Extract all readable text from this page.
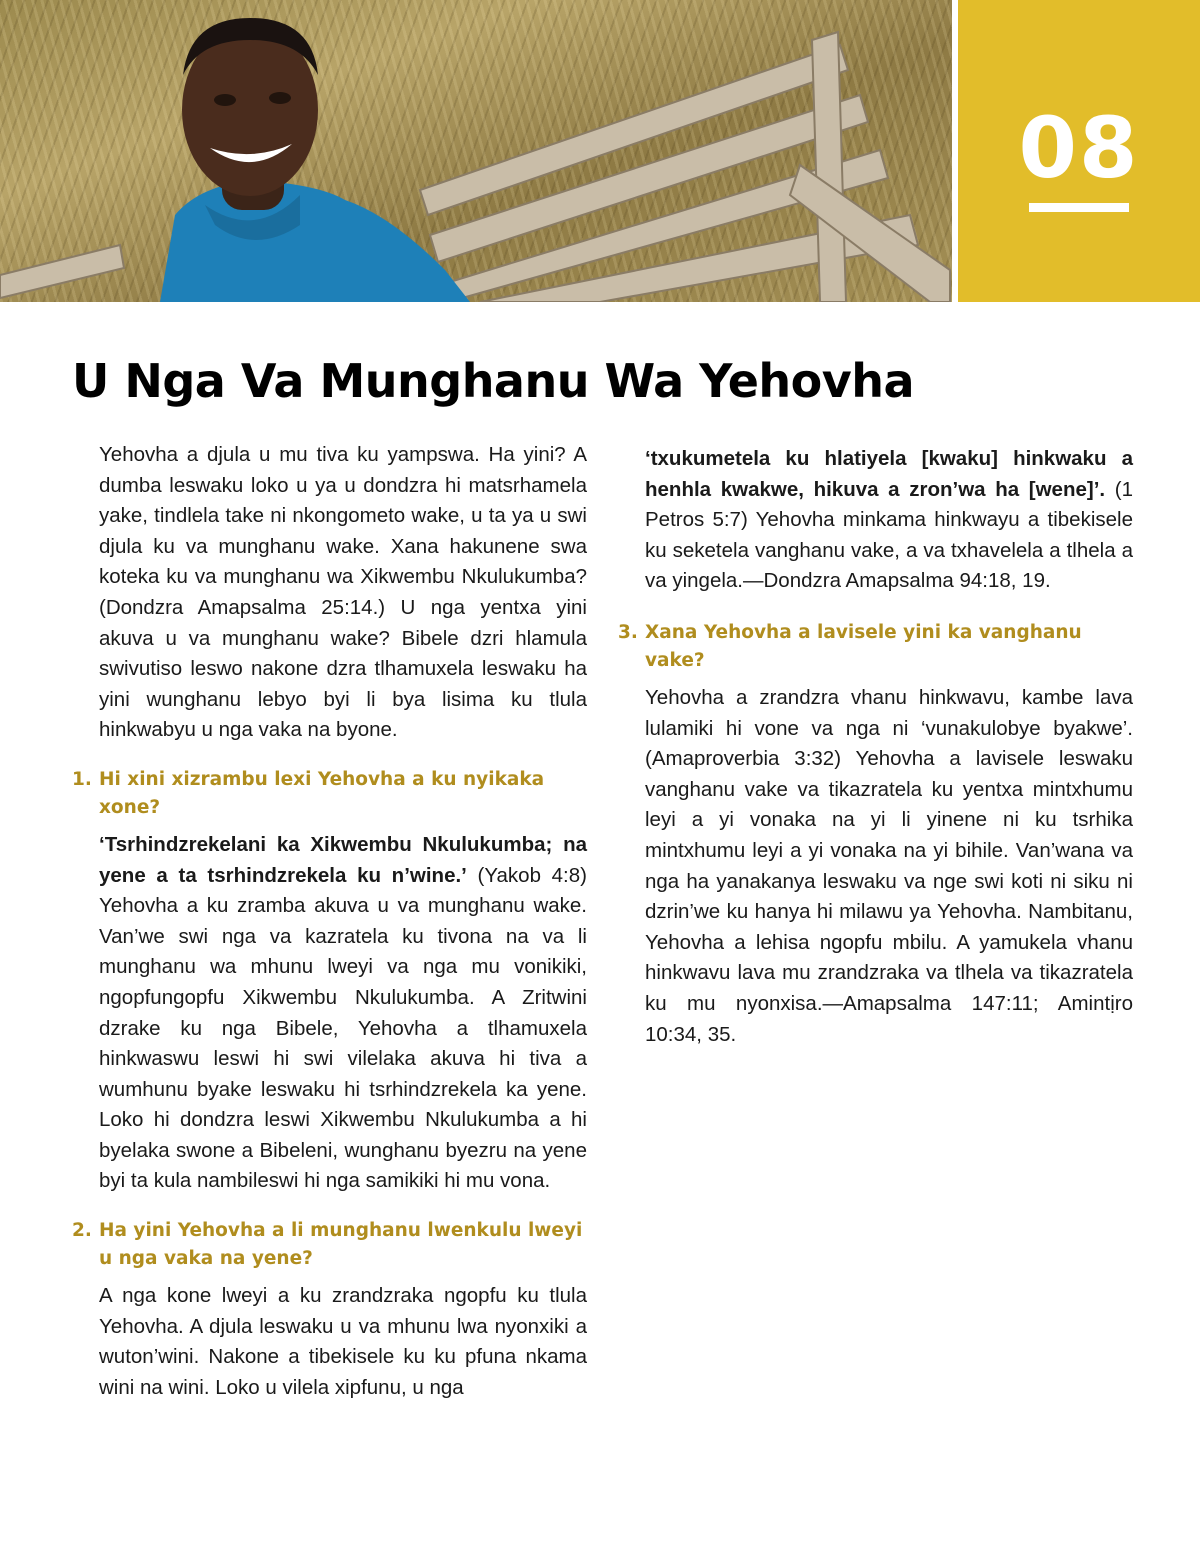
08
U Nga Va Munghanu Wa Yehovha

Yehovha a djula u mu tiva ku yampswa. Ha yini? A dumba leswaku loko u ya u dondzra hi matsrhamela yake, tindlela take ni nkongometo wake, u ta ya u swi djula ku va munghanu wake. Xana hakunene swa koteka ku va munghanu wa Xikwembu Nkulukumba? (Dondzra Amapsalma 25:14.) U nga yentxa yini akuva u va munghanu wake? Bibele dzri hlamula swivutiso leswo nakone dzra tlhamuxela leswaku ha yini wunghanu lebyo byi li bya lisima ku tlula hinkwabyu u nga vaka na byone.

1. Hi xini xizrambu lexi Yehovha a ku nyikaka xone?

‘Tsrhindzrekelani ka Xikwembu Nkulukumba; na yene a ta tsrhindzrekela ku n’wine.’ (Yakob 4:8) Yehovha a ku zramba akuva u va munghanu wake. Van’we swi nga va kazratela ku tivona na va li munghanu wa mhunu lweyi va nga mu vonikiki, ngopfungopfu Xikwembu Nkulukumba. A Zritwini dzrake ku nga Bibele, Yehovha a tlhamuxela hinkwaswu leswi hi swi vilelaka akuva hi tiva a wumhunu byake leswaku hi tsrhindzrekela ka yene. Loko hi dondzra leswi Xikwembu Nkulukumba a hi byelaka swone a Bibeleni, wunghanu byezru na yene byi ta kula nambileswi hi nga samikiki hi mu vona.

2. Ha yini Yehovha a li munghanu lwenkulu lweyi u nga vaka na yene?

A nga kone lweyi a ku zrandzraka ngopfu ku tlula Yehovha. A djula leswaku u va mhunu lwa nyonxiki a wuton’wini. Nakone a tibekisele ku ku pfuna nkama wini na wini. Loko u vilela xipfunu, u nga

‘txukumetela ku hlatiyela [kwaku] hinkwaku a henhla kwakwe, hikuva a zron’wa ha [wene]’. (1 Petros 5:7) Yehovha minkama hinkwayu a tibekisele ku seketela vanghanu vake, a va txhavelela a tlhela a va yingela.—Dondzra Amapsalma 94:18, 19.

3. Xana Yehovha a lavisele yini ka vanghanu vake?

Yehovha a zrandzra vhanu hinkwavu, kambe lava lulamiki hi vone va nga ni ‘vunakulobye byakwe’. (Amaproverbia 3:32) Yehovha a lavisele leswaku vanghanu vake va tikazratela ku yentxa mintxhumu leyi a yi vonaka na yi li yinene ni ku tsrhika mintxhumu leyi a yi vonaka na yi bihile. Van’wana va nga ha yanakanya leswaku va nge swi koti ni siku ni dzrin’we ku hanya hi milawu ya Yehovha. Nambitanu, Yehovha a lehisa ngopfu mbilu. A yamukela vhanu hinkwavu lava mu zrandzraka va tlhela va tikazratela ku mu nyonxisa.—Amapsalma 147:11; Amintịro 10:34, 35.
